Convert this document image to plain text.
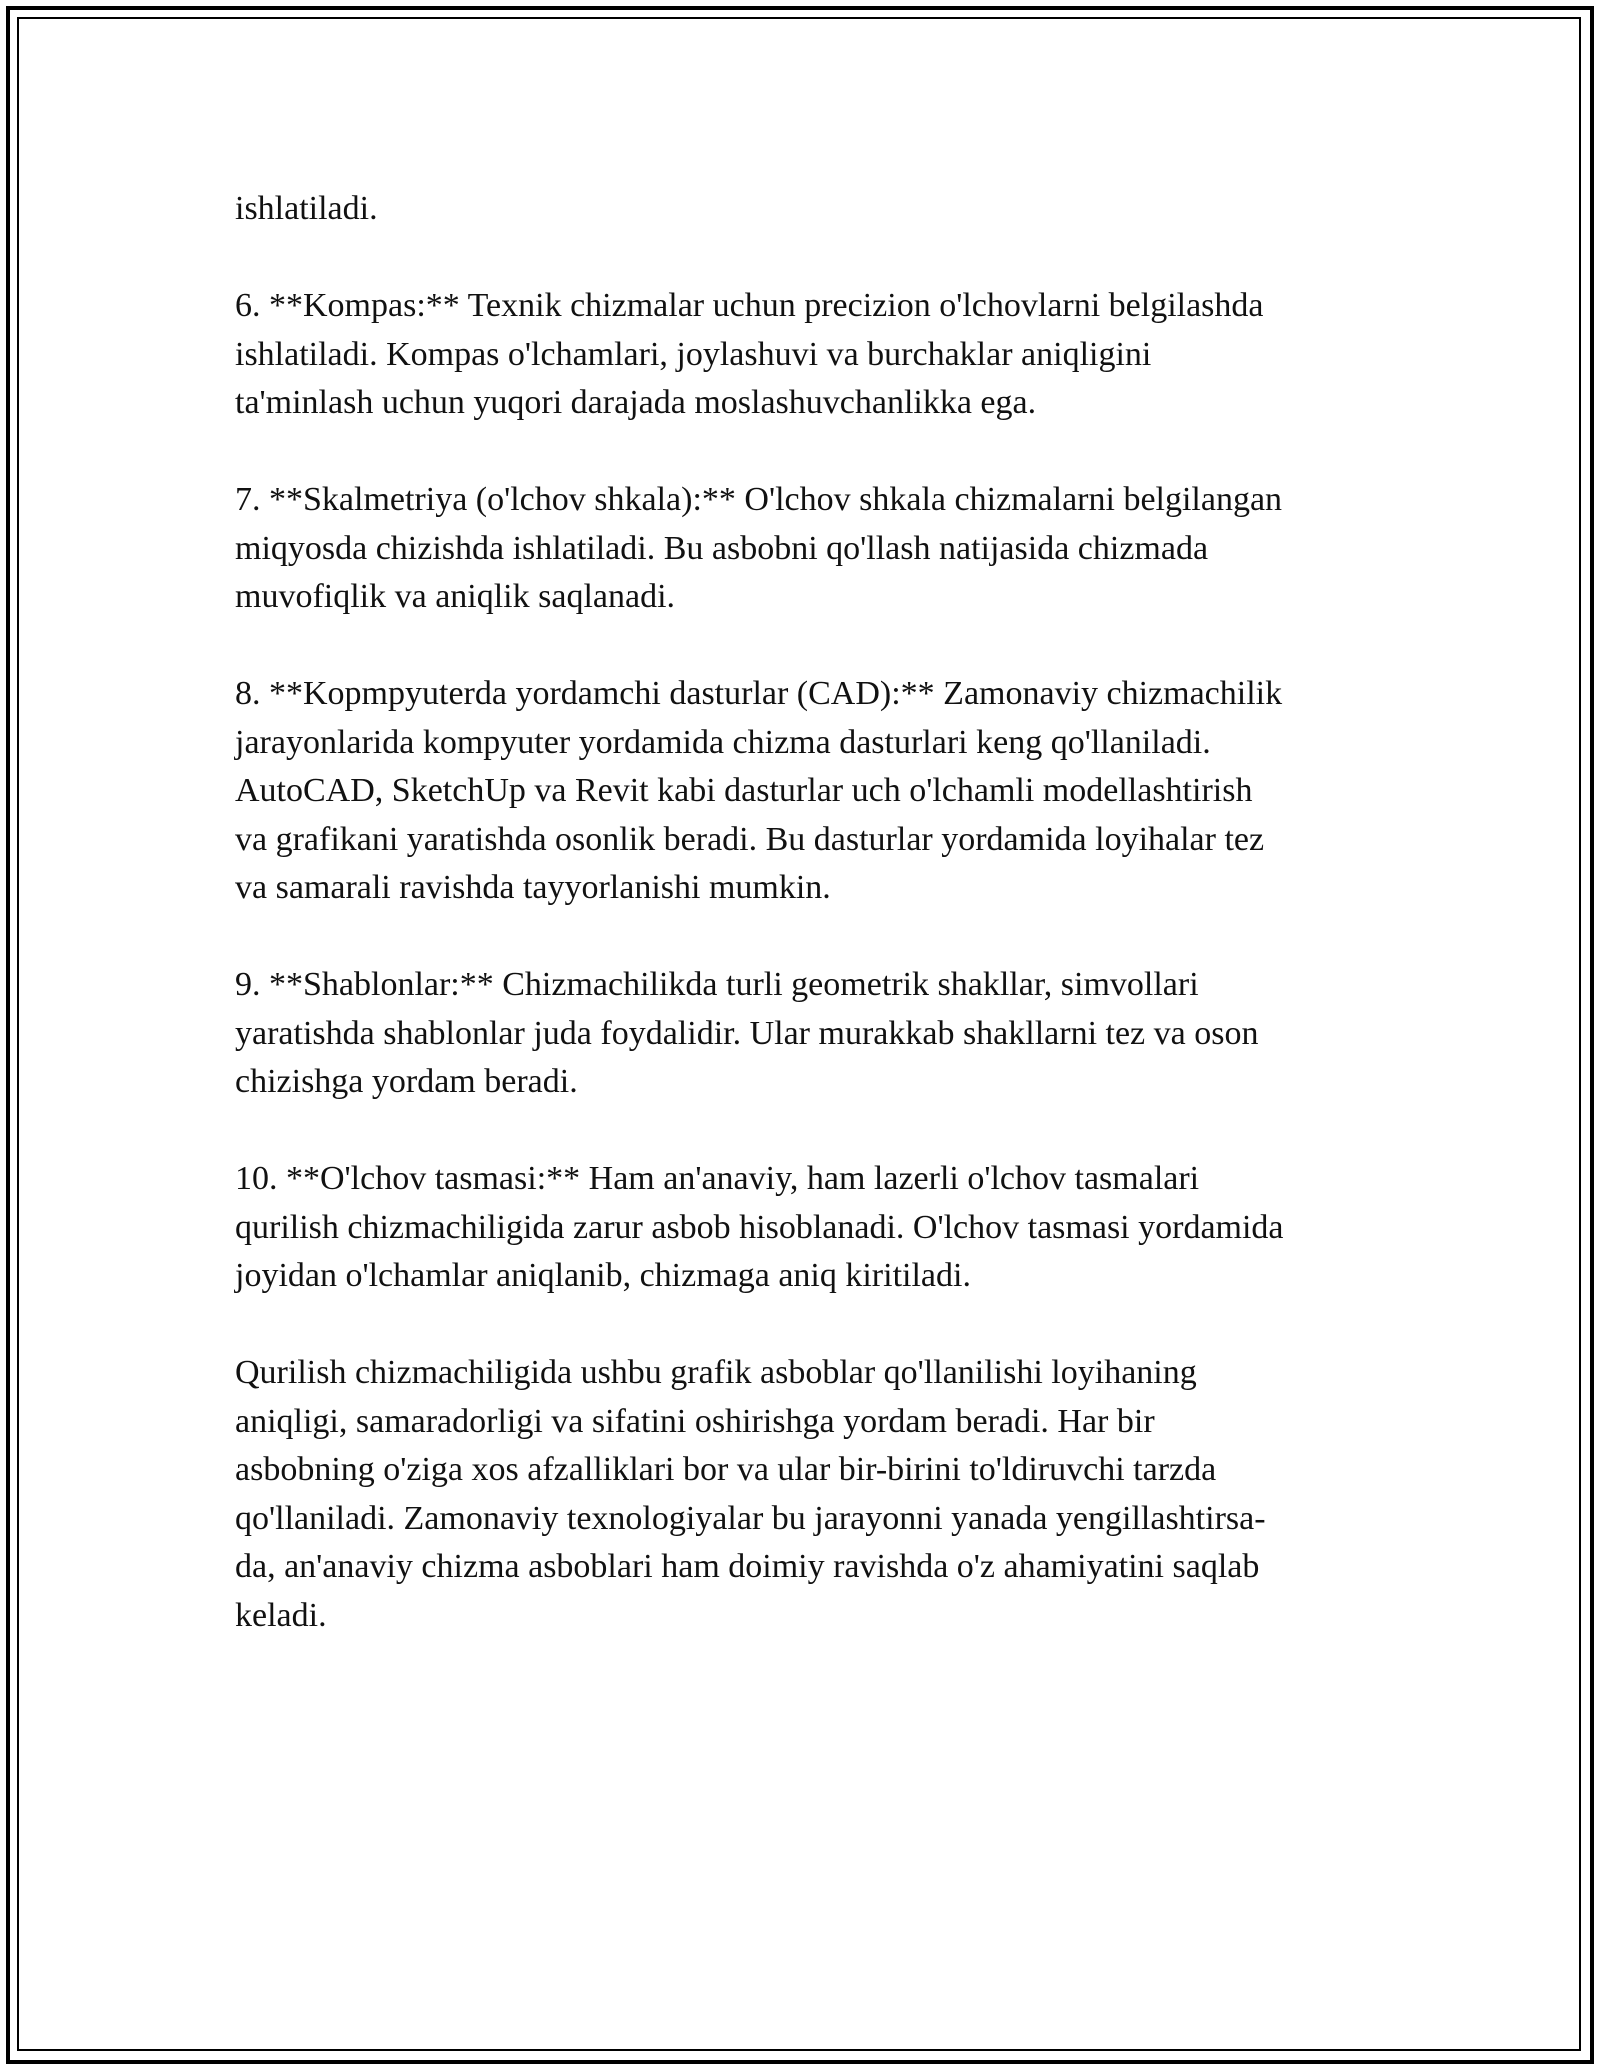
ishlatiladi.

6. **Kompas:** Texnik chizmalar uchun precizion o'lchovlarni belgilashda
ishlatiladi. Kompas o'lchamlari, joylashuvi va burchaklar aniqligini
ta'minlash uchun yuqori darajada moslashuvchanlikka ega.

7. **Skalmetriya (o'lchov shkala):** O'lchov shkala chizmalarni belgilangan
miqyosda chizishda ishlatiladi. Bu asbobni qo'llash natijasida chizmada
muvofiqlik va aniqlik saqlanadi.

8. **Kopmpyuterda yordamchi dasturlar (CAD):** Zamonaviy chizmachilik
jarayonlarida kompyuter yordamida chizma dasturlari keng qo'llaniladi.
AutoCAD, SketchUp va Revit kabi dasturlar uch o'lchamli modellashtirish
va grafikani yaratishda osonlik beradi. Bu dasturlar yordamida loyihalar tez
va samarali ravishda tayyorlanishi mumkin.

9. **Shablonlar:** Chizmachilikda turli geometrik shakllar, simvollari
yaratishda shablonlar juda foydalidir. Ular murakkab shakllarni tez va oson
chizishga yordam beradi.

10. **O'lchov tasmasi:** Ham an'anaviy, ham lazerli o'lchov tasmalari
qurilish chizmachiligida zarur asbob hisoblanadi. O'lchov tasmasi yordamida
joyidan o'lchamlar aniqlanib, chizmaga aniq kiritiladi.

Qurilish chizmachiligida ushbu grafik asboblar qo'llanilishi loyihaning
aniqligi, samaradorligi va sifatini oshirishga yordam beradi. Har bir
asbobning o'ziga xos afzalliklari bor va ular bir-birini to'ldiruvchi tarzda
qo'llaniladi. Zamonaviy texnologiyalar bu jarayonni yanada yengillashtirsa-
da, an'anaviy chizma asboblari ham doimiy ravishda o'z ahamiyatini saqlab
keladi.
